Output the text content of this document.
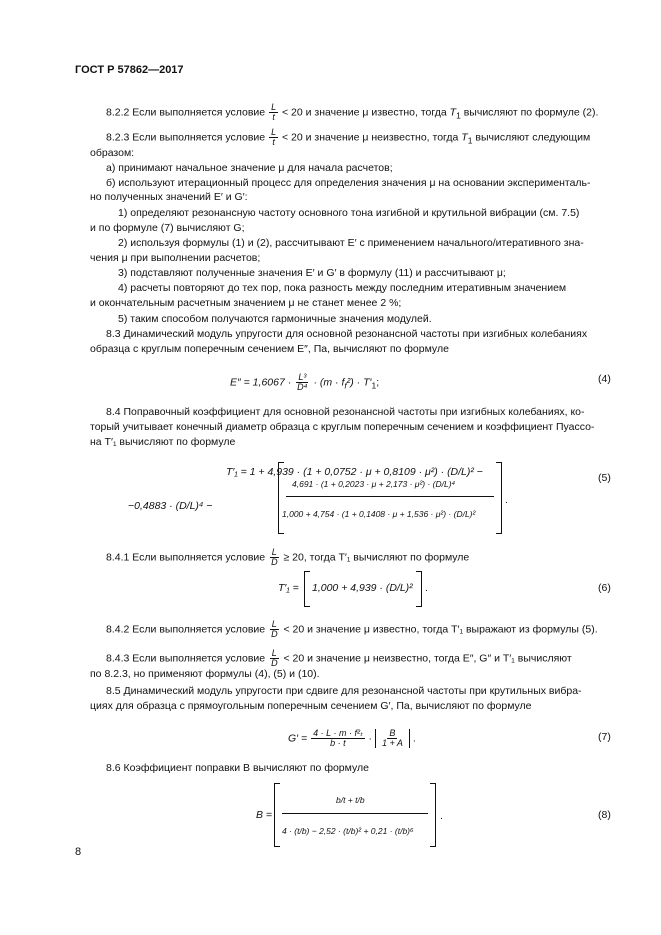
ГОСТ Р 57862—2017
8.2.2 Если выполняется условие $\frac{L}{t} < 20$ и значение μ известно, тогда $T_1$ вычисляют по формуле (2).
8.2.3 Если выполняется условие $\frac{L}{t} < 20$ и значение μ неизвестно, тогда $T_1$ вычисляют следующим
образом:
а) принимают начальное значение μ для начала расчетов;
б) используют итерационный процесс для определения значения μ на основании эксперименталь-
но полученных значений E′ и G′:
1) определяют резонансную частоту основного тона изгибной и крутильной вибрации (см. 7.5)
и по формуле (7) вычисляют G;
2) используя формулы (1) и (2), рассчитывают E′ с применением начального/итеративного зна-
чения μ при выполнении расчетов;
3) подставляют полученные значения E′ и G′ в формулу (11) и рассчитывают μ;
4) расчеты повторяют до тех пор, пока разность между последним итеративным значением
и окончательным расчетным значением μ не станет менее 2 %;
5) таким способом получаются гармоничные значения модулей.
8.3 Динамический модуль упругости для основной резонансной частоты при изгибных колебаниях
образца с круглым поперечным сечением E″, Па, вычисляют по формуле
$E'' = 1,6067 \cdot \frac{\text{L³}}{\text{D⁴}} \cdot (m \cdot f_f^2) \cdot T'_1$;	(4)
8.4 Поправочный коэффициент для основной резонансной частоты при изгибных колебаниях, ко-
торый учитывает конечный диаметр образца с круглым поперечным сечением и коэффициент Пуассо-
на T′₁ вычисляют по формуле
T′₁ = 1 + 4,939 · (1 + 0,0752 · μ + 0,8109 · μ²) · (D/L)² −
−0,4883 · (D/L)⁴ −
4,691 · (1 + 0,2023 · μ + 2,173 · μ²) · (D/L)⁴
1,000 + 4,754 · (1 + 0,1408 · μ + 1,536 · μ²) · (D/L)²
.
(5)
8.4.1 Если выполняется условие $\frac{L}{D} \ge 20$, тогда T′₁ вычисляют по формуле
T′₁ = 1,000 + 4,939 · (D/L)² .	(6)
8.4.2 Если выполняется условие $\frac{L}{D} < 20$ и значение μ известно, тогда T′₁ выражают из формулы (5).
8.4.3 Если выполняется условие $\frac{L}{D} < 20$ и значение μ неизвестно, тогда E″, G″ и T′₁ вычисляют
по 8.2.3, но применяют формулы (4), (5) и (10).
8.5 Динамический модуль упругости при сдвиге для резонансной частоты при крутильных вибра-
циях для образца с прямоугольным поперечным сечением G′, Па, вычисляют по формуле
$G' = \frac{\text{4 · L · m · f²ₜ}}{b \cdot t} \cdot \frac{B}{1 + A}$ .	(7)
8.6 Коэффициент поправки B вычисляют по формуле
B =
b/t + t/b
4 · (t/b) − 2,52 · (t/b)² + 0,21 · (t/b)⁶
.	(8)
8
